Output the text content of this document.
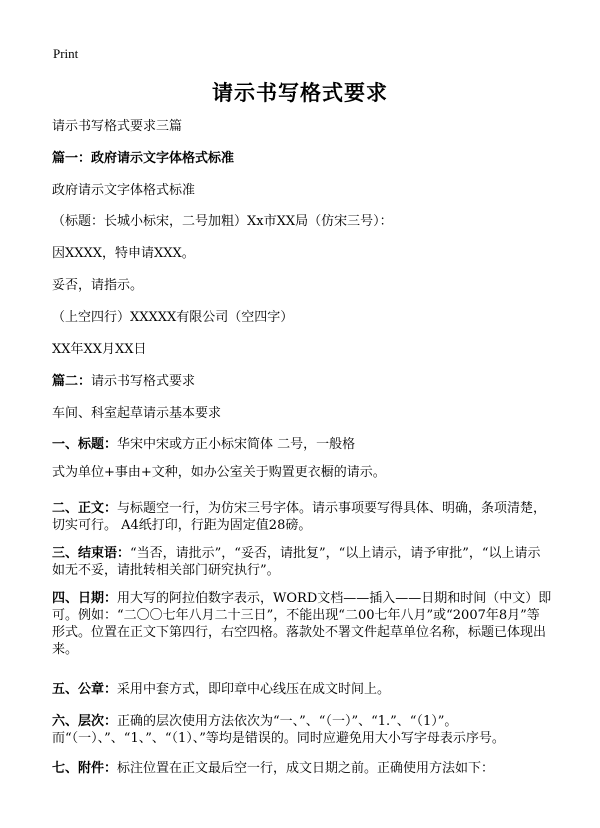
Print
请示书写格式要求
请示书写格式要求三篇
篇一：政府请示文字体格式标准
政府请示文字体格式标准
（标题：长城小标宋，二号加粗）Xx市XX局（仿宋三号）：
因XXXX，特申请XXX。
妥否，请指示。
（上空四行）XXXXX有限公司（空四字）
XX年XX月XX日
篇二：请示书写格式要求
车间、科室起草请示基本要求
一、标题：华宋中宋或方正小标宋简体 二号，一般格
式为单位+事由+文种，如办公室关于购置更衣橱的请示。
二、正文：与标题空一行，为仿宋三号字体。请示事项要写得具体、明确，条项清楚，切实可行。 A4纸打印，行距为固定值28磅。
三、结束语：“当否，请批示”，“妥否，请批复”，“以上请示，请予审批”，“以上请示如无不妥，请批转相关部门研究执行”。
四、日期：用大写的阿拉伯数字表示，WORD文档——插入——日期和时间（中文）即可。例如：“二〇〇七年八月二十三日”，不能出现“二00七年八月”或“2007年8月”等形式。位置在正文下第四行，右空四格。落款处不署文件起草单位名称，标题已体现出来。
五、公章：采用中套方式，即印章中心线压在成文时间上。
六、层次：正确的层次使用方法依次为“一、”、“（一）”、“1.”、“（1）”。而“（一）、”、“1、”、“（1）、”等均是错误的。同时应避免用大小写字母表示序号。
七、附件：标注位置在正文最后空一行，成文日期之前。正确使用方法如下：
